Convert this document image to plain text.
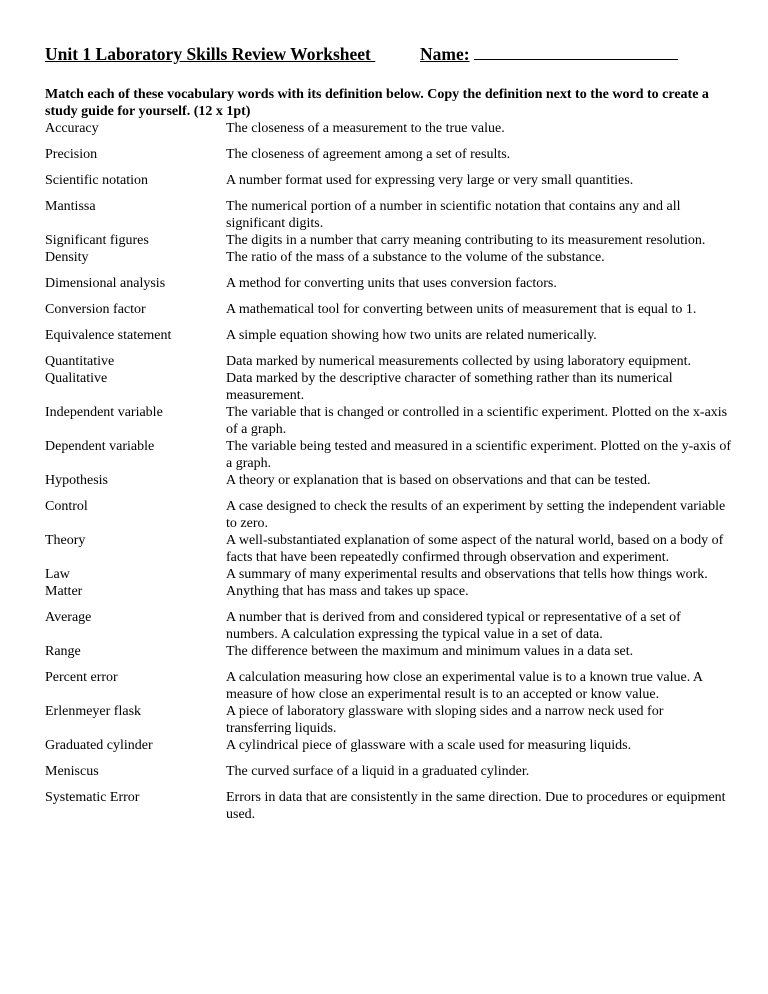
Unit 1 Laboratory Skills Review Worksheet	Name:
Match each of these vocabulary words with its definition below. Copy the definition next to the word to create a study guide for yourself. (12 x 1pt)
Accuracy	The closeness of a measurement to the true value.
Precision	The closeness of agreement among a set of results.
Scientific notation	A number format used for expressing very large or very small quantities.
Mantissa	The numerical portion of a number in scientific notation that contains any and all significant digits.
Significant figures	The digits in a number that carry meaning contributing to its measurement resolution.
Density	The ratio of the mass of a substance to the volume of the substance.
Dimensional analysis	A method for converting units that uses conversion factors.
Conversion factor	A mathematical tool for converting between units of measurement that is equal to 1.
Equivalence statement	A simple equation showing how two units are related numerically.
Quantitative	Data marked by numerical measurements collected by using laboratory equipment.
Qualitative	Data marked by the descriptive character of something rather than its numerical measurement.
Independent variable	The variable that is changed or controlled in a scientific experiment. Plotted on the x-axis of a graph.
Dependent variable	The variable being tested and measured in a scientific experiment. Plotted on the y-axis of a graph.
Hypothesis	A theory or explanation that is based on observations and that can be tested.
Control	A case designed to check the results of an experiment by setting the independent variable to zero.
Theory	A well-substantiated explanation of some aspect of the natural world, based on a body of facts that have been repeatedly confirmed through observation and experiment.
Law	A summary of many experimental results and observations that tells how things work.
Matter	Anything that has mass and takes up space.
Average	A number that is derived from and considered typical or representative of a set of numbers. A calculation expressing the typical value in a set of data.
Range	The difference between the maximum and minimum values in a data set.
Percent error	A calculation measuring how close an experimental value is to a known true value. A measure of how close an experimental result is to an accepted or know value.
Erlenmeyer flask	A piece of laboratory glassware with sloping sides and a narrow neck used for transferring liquids.
Graduated cylinder	A cylindrical piece of glassware with a scale used for measuring liquids.
Meniscus	The curved surface of a liquid in a graduated cylinder.
Systematic Error	Errors in data that are consistently in the same direction. Due to procedures or equipment used.
